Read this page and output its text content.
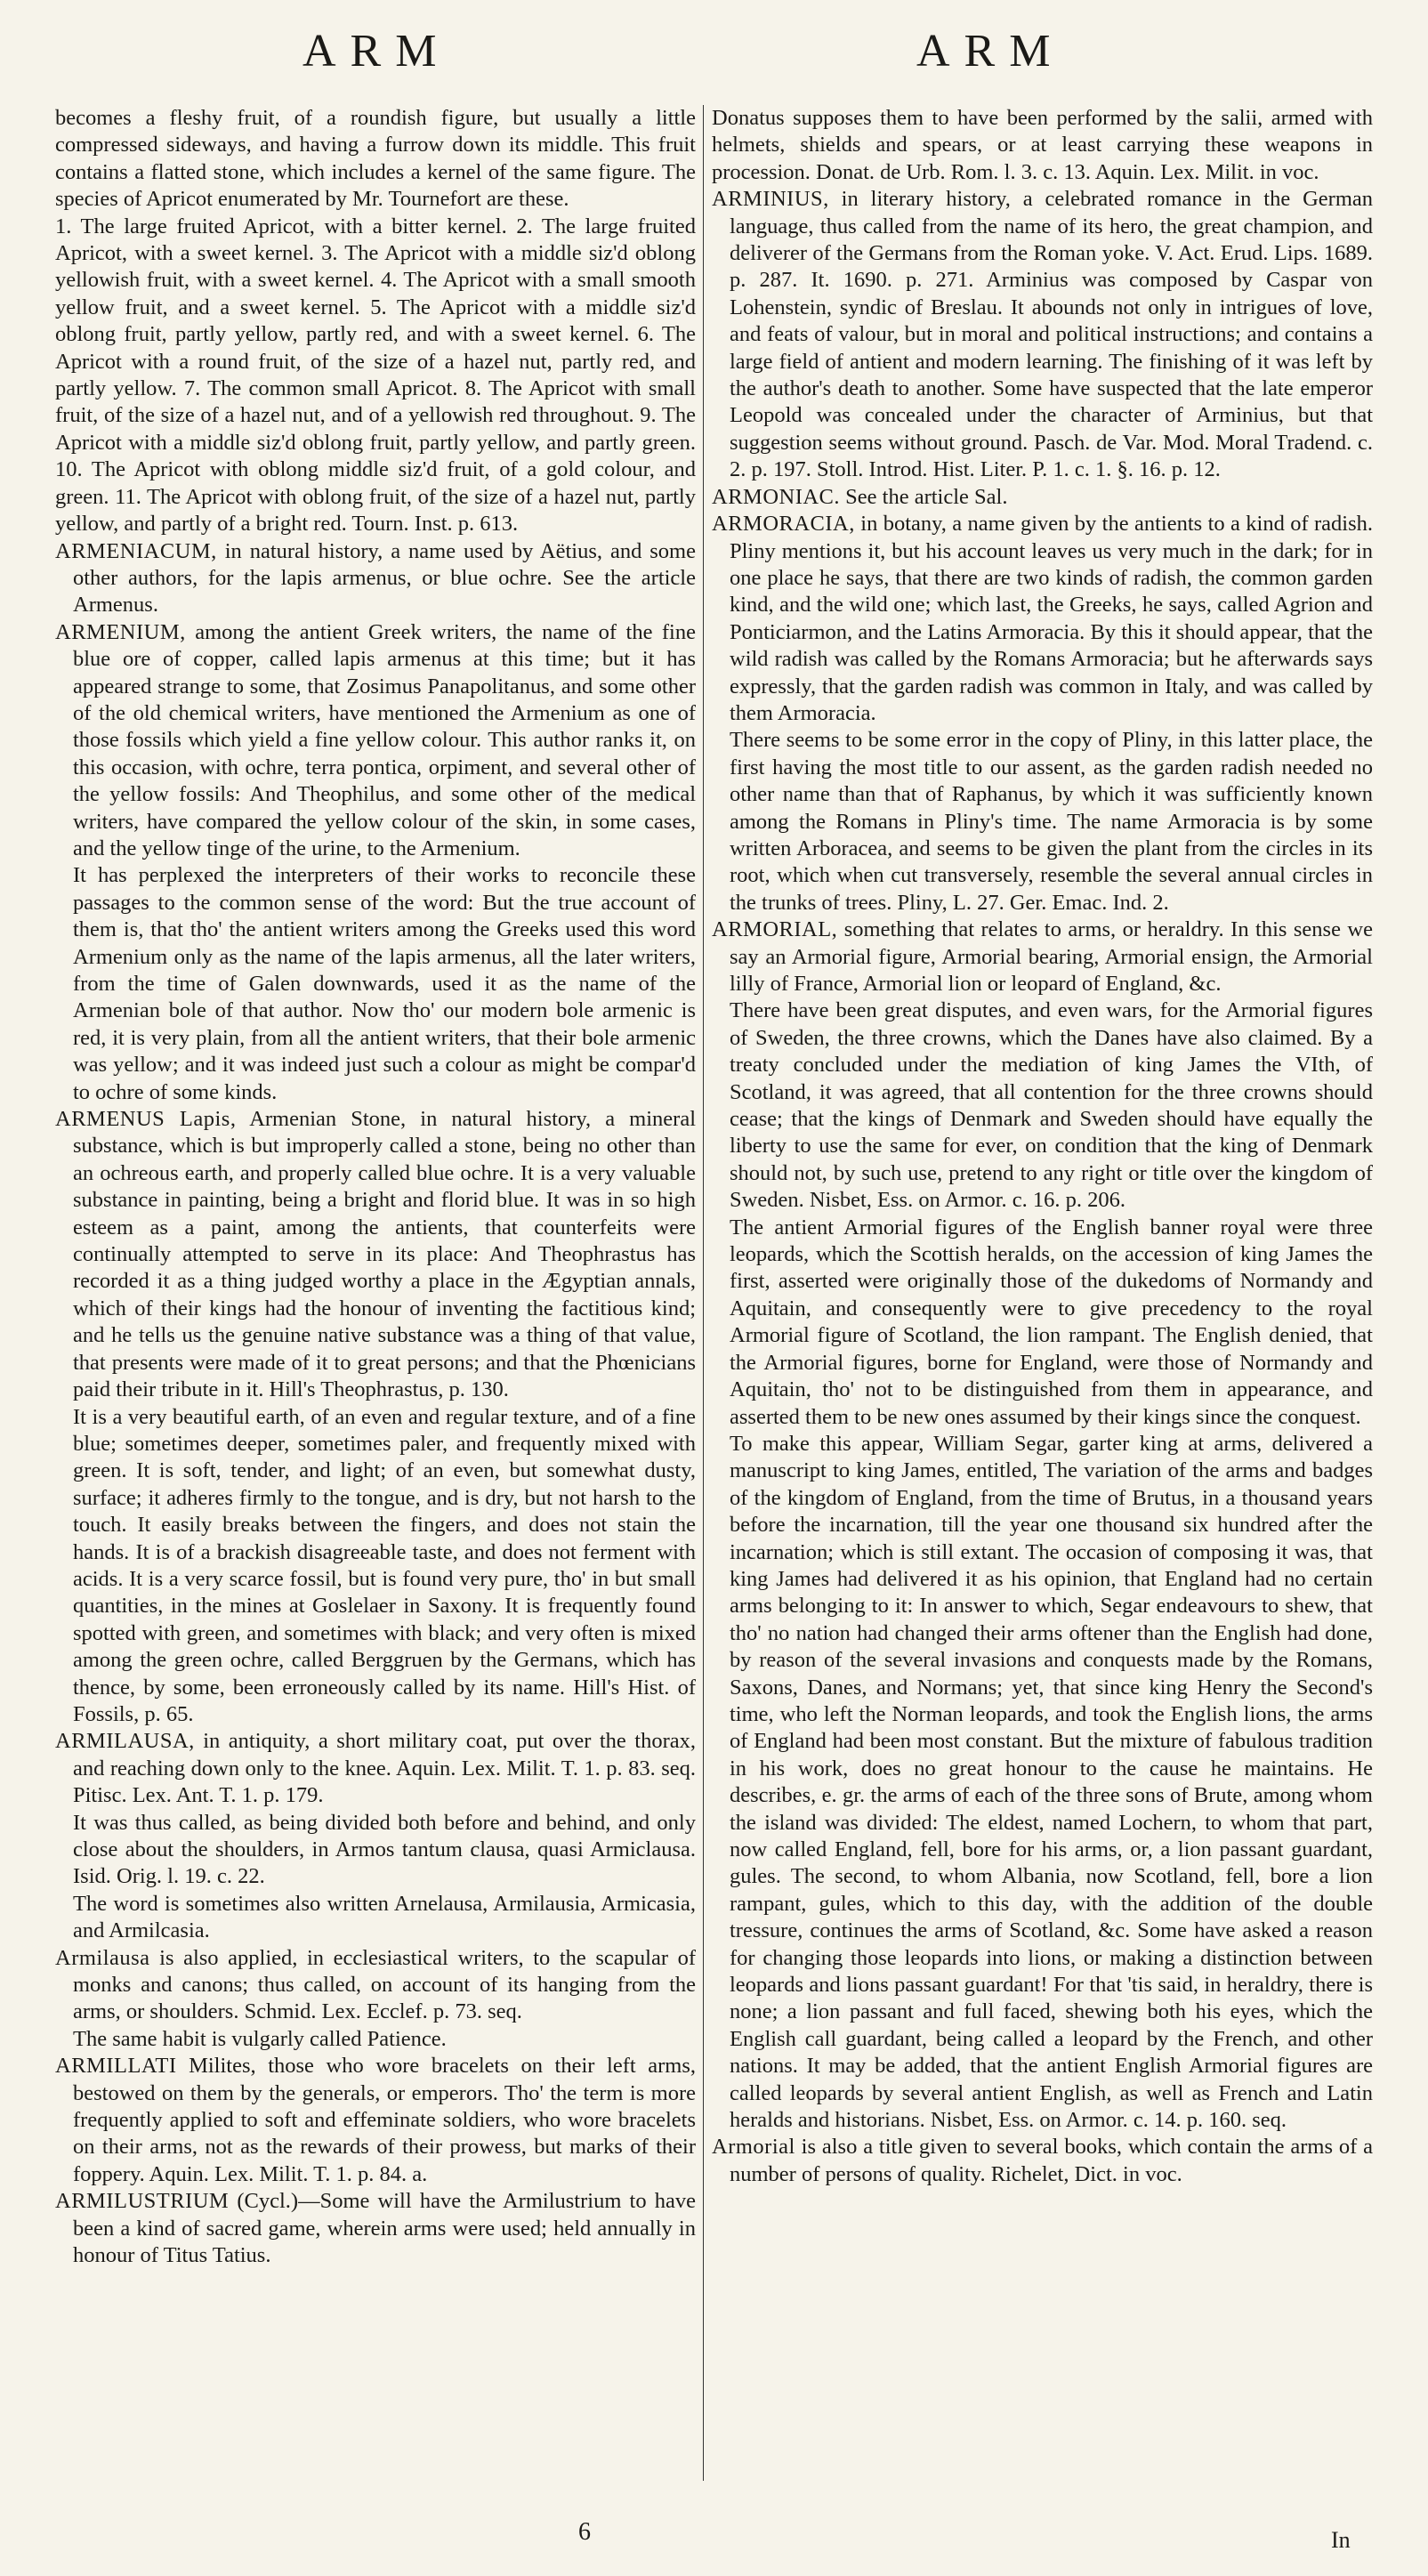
ARM	ARM

becomes a fleshy fruit, of a roundish figure, but usually a little compressed sideways, and having a furrow down its middle. This fruit contains a flatted stone, which includes a kernel of the same figure. The species of Apricot enumerated by Mr. Tournefort are these.

1. The large fruited Apricot, with a bitter kernel. 2. The large fruited Apricot, with a sweet kernel. 3. The Apricot with a middle siz'd oblong yellowish fruit, with a sweet kernel. 4. The Apricot with a small smooth yellow fruit, and a sweet kernel. 5. The Apricot with a middle siz'd oblong fruit, partly yellow, partly red, and with a sweet kernel. 6. The Apricot with a round fruit, of the size of a hazel nut, partly red, and partly yellow. 7. The common small Apricot. 8. The Apricot with small fruit, of the size of a hazel nut, and of a yellowish red throughout. 9. The Apricot with a middle siz'd oblong fruit, partly yellow, and partly green. 10. The Apricot with oblong middle siz'd fruit, of a gold colour, and green. 11. The Apricot with oblong fruit, of the size of a hazel nut, partly yellow, and partly of a bright red. Tourn. Inst. p. 613.

ARMENIACUM, in natural history, a name used by Aëtius, and some other authors, for the lapis armenus, or blue ochre. See the article Armenus.

ARMENIUM, among the antient Greek writers, the name of the fine blue ore of copper, called lapis armenus at this time; but it has appeared strange to some, that Zosimus Panapolitanus, and some other of the old chemical writers, have mentioned the Armenium as one of those fossils which yield a fine yellow colour. This author ranks it, on this occasion, with ochre, terra pontica, orpiment, and several other of the yellow fossils: And Theophilus, and some other of the medical writers, have compared the yellow colour of the skin, in some cases, and the yellow tinge of the urine, to the Armenium.

It has perplexed the interpreters of their works to reconcile these passages to the common sense of the word: But the true account of them is, that tho' the antient writers among the Greeks used this word Armenium only as the name of the lapis armenus, all the later writers, from the time of Galen downwards, used it as the name of the Armenian bole of that author. Now tho' our modern bole armenic is red, it is very plain, from all the antient writers, that their bole armenic was yellow; and it was indeed just such a colour as might be compar'd to ochre of some kinds.

ARMENUS Lapis, Armenian Stone, in natural history, a mineral substance, which is but improperly called a stone, being no other than an ochreous earth, and properly called blue ochre. It is a very valuable substance in painting, being a bright and florid blue. It was in so high esteem as a paint, among the antients, that counterfeits were continually attempted to serve in its place: And Theophrastus has recorded it as a thing judged worthy a place in the Ægyptian annals, which of their kings had the honour of inventing the factitious kind; and he tells us the genuine native substance was a thing of that value, that presents were made of it to great persons; and that the Phœnicians paid their tribute in it. Hill's Theophrastus, p. 130.

It is a very beautiful earth, of an even and regular texture, and of a fine blue; sometimes deeper, sometimes paler, and frequently mixed with green. It is soft, tender, and light; of an even, but somewhat dusty, surface; it adheres firmly to the tongue, and is dry, but not harsh to the touch. It easily breaks between the fingers, and does not stain the hands. It is of a brackish disagreeable taste, and does not ferment with acids. It is a very scarce fossil, but is found very pure, tho' in but small quantities, in the mines at Goslelaer in Saxony. It is frequently found spotted with green, and sometimes with black; and very often is mixed among the green ochre, called Berggruen by the Germans, which has thence, by some, been erroneously called by its name. Hill's Hist. of Fossils, p. 65.

ARMILAUSA, in antiquity, a short military coat, put over the thorax, and reaching down only to the knee. Aquin. Lex. Milit. T. 1. p. 83. seq. Pitisc. Lex. Ant. T. 1. p. 179.

It was thus called, as being divided both before and behind, and only close about the shoulders, in Armos tantum clausa, quasi Armiclausa. Isid. Orig. l. 19. c. 22.

The word is sometimes also written Arnelausa, Armilausia, Armicasia, and Armilcasia.

Armilausa is also applied, in ecclesiastical writers, to the scapular of monks and canons; thus called, on account of its hanging from the arms, or shoulders. Schmid. Lex. Ecclef. p. 73. seq.

The same habit is vulgarly called Patience.

ARMILLATI Milites, those who wore bracelets on their left arms, bestowed on them by the generals, or emperors. Tho' the term is more frequently applied to soft and effeminate soldiers, who wore bracelets on their arms, not as the rewards of their prowess, but marks of their foppery. Aquin. Lex. Milit. T. 1. p. 84. a.

ARMILUSTRIUM (Cycl.)—Some will have the Armilustrium to have been a kind of sacred game, wherein arms were used; held annually in honour of Titus Tatius.

Donatus supposes them to have been performed by the salii, armed with helmets, shields and spears, or at least carrying these weapons in procession. Donat. de Urb. Rom. l. 3. c. 13. Aquin. Lex. Milit. in voc.

ARMINIUS, in literary history, a celebrated romance in the German language, thus called from the name of its hero, the great champion, and deliverer of the Germans from the Roman yoke. V. Act. Erud. Lips. 1689. p. 287. It. 1690. p. 271. Arminius was composed by Caspar von Lohenstein, syndic of Breslau. It abounds not only in intrigues of love, and feats of valour, but in moral and political instructions; and contains a large field of antient and modern learning. The finishing of it was left by the author's death to another. Some have suspected that the late emperor Leopold was concealed under the character of Arminius, but that suggestion seems without ground. Pasch. de Var. Mod. Moral Tradend. c. 2. p. 197. Stoll. Introd. Hist. Liter. P. 1. c. 1. §. 16. p. 12.

ARMONIAC. See the article Sal.

ARMORACIA, in botany, a name given by the antients to a kind of radish. Pliny mentions it, but his account leaves us very much in the dark; for in one place he says, that there are two kinds of radish, the common garden kind, and the wild one; which last, the Greeks, he says, called Agrion and Ponticiarmon, and the Latins Armoracia. By this it should appear, that the wild radish was called by the Romans Armoracia; but he afterwards says expressly, that the garden radish was common in Italy, and was called by them Armoracia.

There seems to be some error in the copy of Pliny, in this latter place, the first having the most title to our assent, as the garden radish needed no other name than that of Raphanus, by which it was sufficiently known among the Romans in Pliny's time. The name Armoracia is by some written Arboracea, and seems to be given the plant from the circles in its root, which when cut transversely, resemble the several annual circles in the trunks of trees. Pliny, L. 27. Ger. Emac. Ind. 2.

ARMORIAL, something that relates to arms, or heraldry. In this sense we say an Armorial figure, Armorial bearing, Armorial ensign, the Armorial lilly of France, Armorial lion or leopard of England, &c.

There have been great disputes, and even wars, for the Armorial figures of Sweden, the three crowns, which the Danes have also claimed. By a treaty concluded under the mediation of king James the VIth, of Scotland, it was agreed, that all contention for the three crowns should cease; that the kings of Denmark and Sweden should have equally the liberty to use the same for ever, on condition that the king of Denmark should not, by such use, pretend to any right or title over the kingdom of Sweden. Nisbet, Ess. on Armor. c. 16. p. 206.

The antient Armorial figures of the English banner royal were three leopards, which the Scottish heralds, on the accession of king James the first, asserted were originally those of the dukedoms of Normandy and Aquitain, and consequently were to give precedency to the royal Armorial figure of Scotland, the lion rampant. The English denied, that the Armorial figures, borne for England, were those of Normandy and Aquitain, tho' not to be distinguished from them in appearance, and asserted them to be new ones assumed by their kings since the conquest.

To make this appear, William Segar, garter king at arms, delivered a manuscript to king James, entitled, The variation of the arms and badges of the kingdom of England, from the time of Brutus, in a thousand years before the incarnation, till the year one thousand six hundred after the incarnation; which is still extant. The occasion of composing it was, that king James had delivered it as his opinion, that England had no certain arms belonging to it: In answer to which, Segar endeavours to shew, that tho' no nation had changed their arms oftener than the English had done, by reason of the several invasions and conquests made by the Romans, Saxons, Danes, and Normans; yet, that since king Henry the Second's time, who left the Norman leopards, and took the English lions, the arms of England had been most constant. But the mixture of fabulous tradition in his work, does no great honour to the cause he maintains. He describes, e. gr. the arms of each of the three sons of Brute, among whom the island was divided: The eldest, named Lochern, to whom that part, now called England, fell, bore for his arms, or, a lion passant guardant, gules. The second, to whom Albania, now Scotland, fell, bore a lion rampant, gules, which to this day, with the addition of the double tressure, continues the arms of Scotland, &c. Some have asked a reason for changing those leopards into lions, or making a distinction between leopards and lions passant guardant! For that 'tis said, in heraldry, there is none; a lion passant and full faced, shewing both his eyes, which the English call guardant, being called a leopard by the French, and other nations. It may be added, that the antient English Armorial figures are called leopards by several antient English, as well as French and Latin heralds and historians. Nisbet, Ess. on Armor. c. 14. p. 160. seq.

Armorial is also a title given to several books, which contain the arms of a number of persons of quality. Richelet, Dict. in voc.

6	In
